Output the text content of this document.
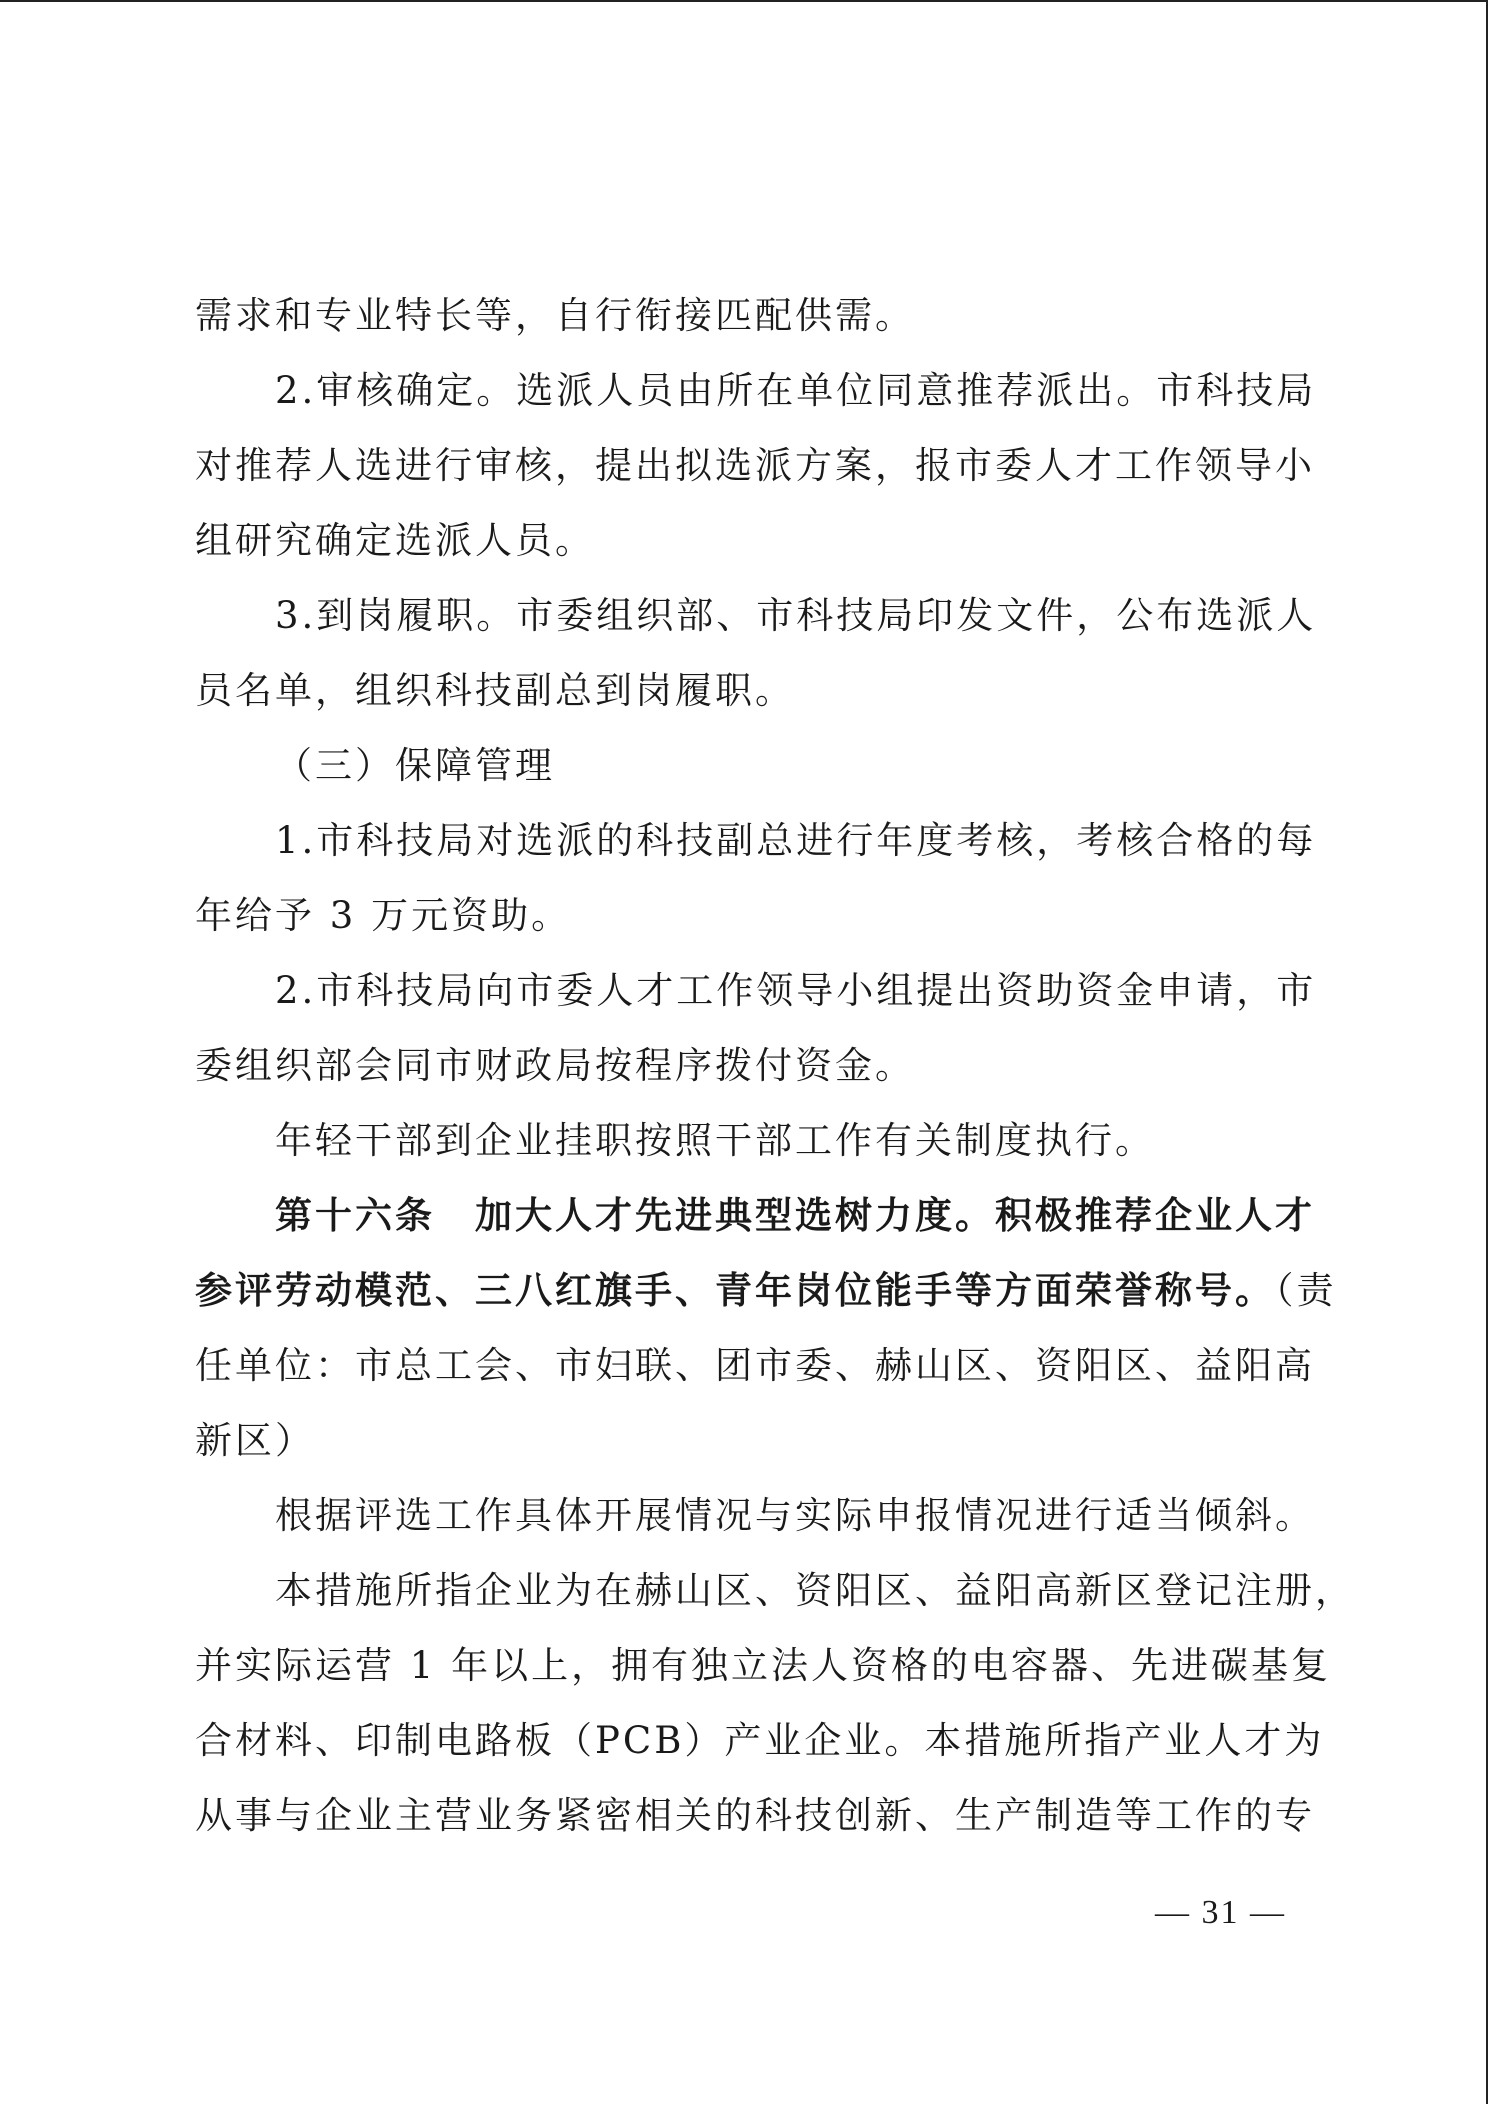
需求和专业特长等，自行衔接匹配供需。
2.审核确定。选派人员由所在单位同意推荐派出。市科技局
对推荐人选进行审核，提出拟选派方案，报市委人才工作领导小
组研究确定选派人员。
3.到岗履职。市委组织部、市科技局印发文件，公布选派人
员名单，组织科技副总到岗履职。
（三）保障管理
1.市科技局对选派的科技副总进行年度考核，考核合格的每
年给予 3 万元资助。
2.市科技局向市委人才工作领导小组提出资助资金申请，市
委组织部会同市财政局按程序拨付资金。
年轻干部到企业挂职按照干部工作有关制度执行。
第十六条　加大人才先进典型选树力度。积极推荐企业人才
参评劳动模范、三八红旗手、青年岗位能手等方面荣誉称号。（责
任单位：市总工会、市妇联、团市委、赫山区、资阳区、益阳高
新区）
根据评选工作具体开展情况与实际申报情况进行适当倾斜。
本措施所指企业为在赫山区、资阳区、益阳高新区登记注册，
并实际运营 1 年以上，拥有独立法人资格的电容器、先进碳基复
合材料、印制电路板（PCB）产业企业。本措施所指产业人才为
从事与企业主营业务紧密相关的科技创新、生产制造等工作的专
— 31 —
